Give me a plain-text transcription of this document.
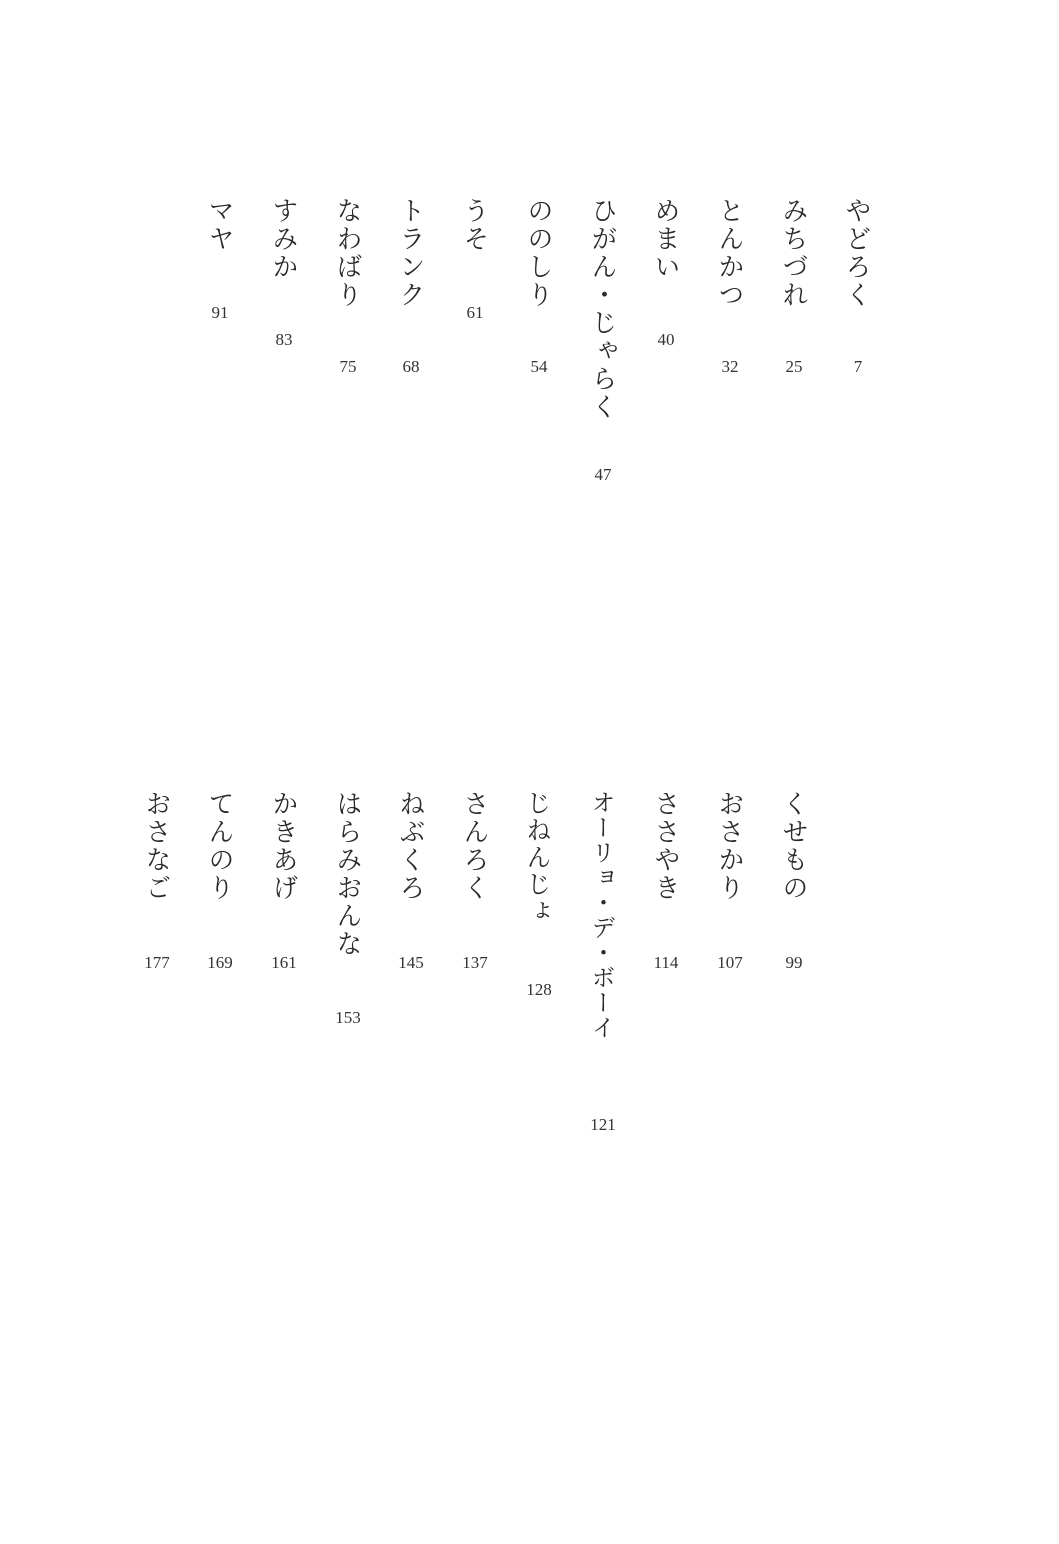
やどろく
7
みちづれ
25
とんかつ
32
めまい
40
ひがん・じゃらく
47
ののしり
54
うそ
61
トランク
68
なわばり
75
すみか
83
マヤ
91
くせもの
99
おさかり
107
ささやき
114
オーリョ・デ・ボーイ
121
じねんじょ
128
さんろく
137
ねぶくろ
145
はらみおんな
153
かきあげ
161
てんのり
169
おさなご
177
